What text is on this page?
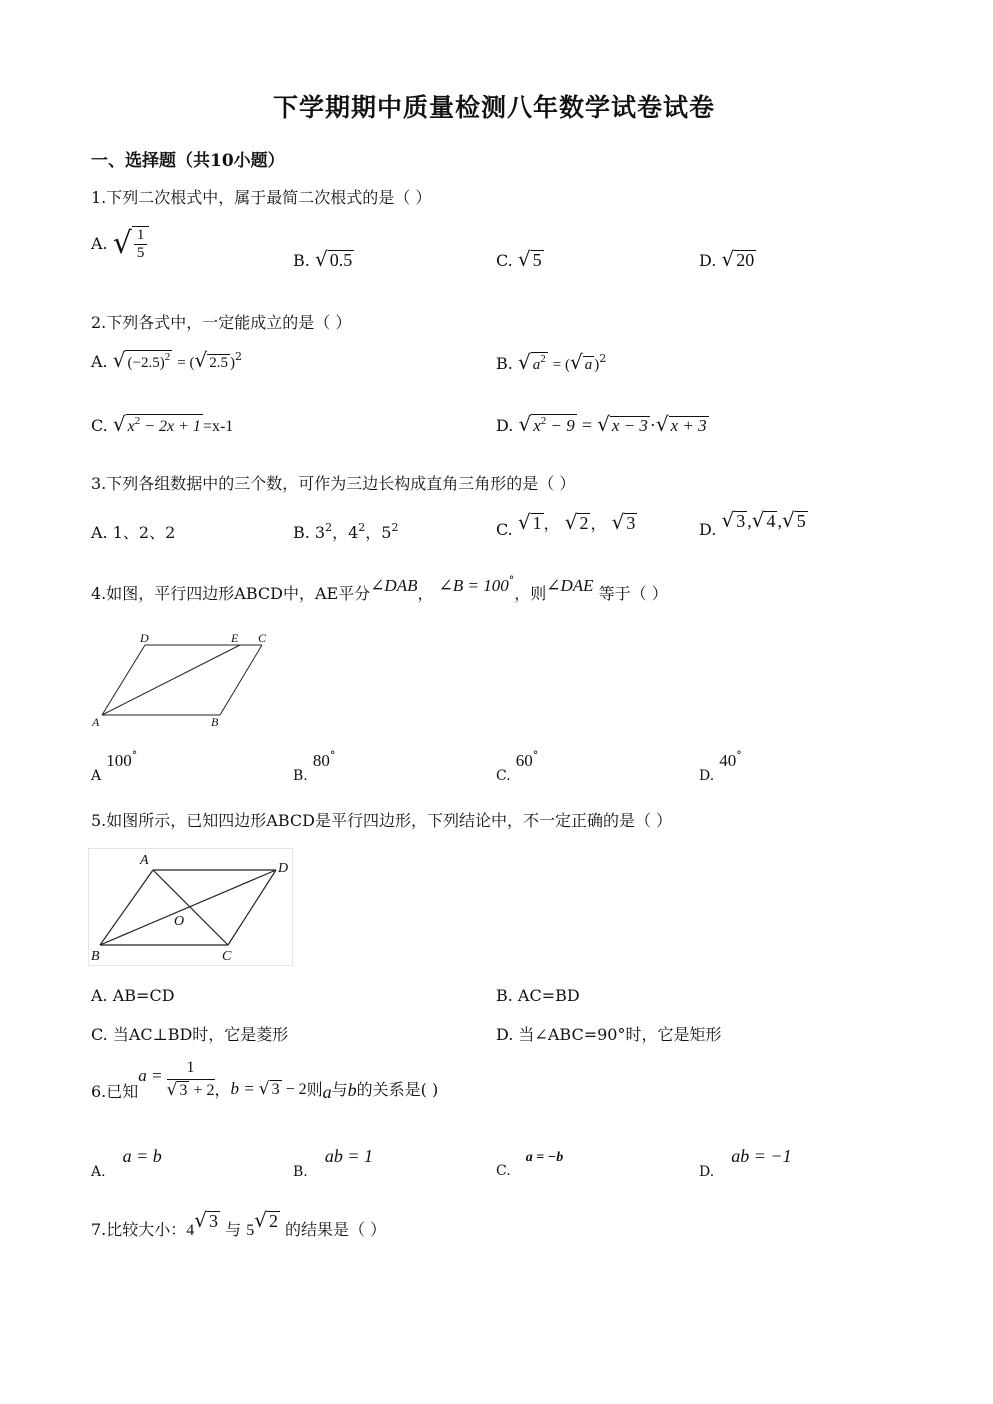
下学期期中质量检测八年数学试卷试卷
一、选择题（共10小题）
1.下列二次根式中，属于最简二次根式的是（ ）
A. √ $\frac{1}{5}$	B. √ 0.5	C. √ 5	D. √ 20
2.下列各式中，一定能成立的是（ ）
A. √ $(-2.5)^2$ = (√ 2.5 )$^2$	B. √ $a^2$ = (√ a )$^2$
C. √ $x^2 - 2x + 1 =x-1$	D. √ $x^2 - 9$ = √ x − 3 ·√ x + 3
3.下列各组数据中的三个数，可作为三边长构成直角三角形的是（ ）
A. 1、2、2	B. $3^2$，$4^2$，$5^2$	C. √ 1 ， √ 2 ， √ 3	D. √ 3 ,√ 4 ,√ 5
4.如图，平行四边形ABCD中，AE平分∠DAB， ∠B = 100°，则∠DAE 等于（ ）
D	E C
A	B
A 100°
B. 80°
C. 60°
D. 40°
5.如图所示，已知四边形ABCD是平行四边形，下列结论中，不一定正确的是（ ）
A
D
O
B	C
A. AB=CD	B. AC=BD
C. 当AC⊥BD时，它是菱形	D. 当∠ABC=90°时，它是矩形
6.已知
$a = \frac{1}{√ 3 + 2}$ ， b = √ 3 − 2 则 a 与 b 的关系是( )
A. a = b
B. ab = 1
C. a = −b
D. ab = −1
7.比较大小：4√ 3 与 5√ 2 的结果是（ ）
